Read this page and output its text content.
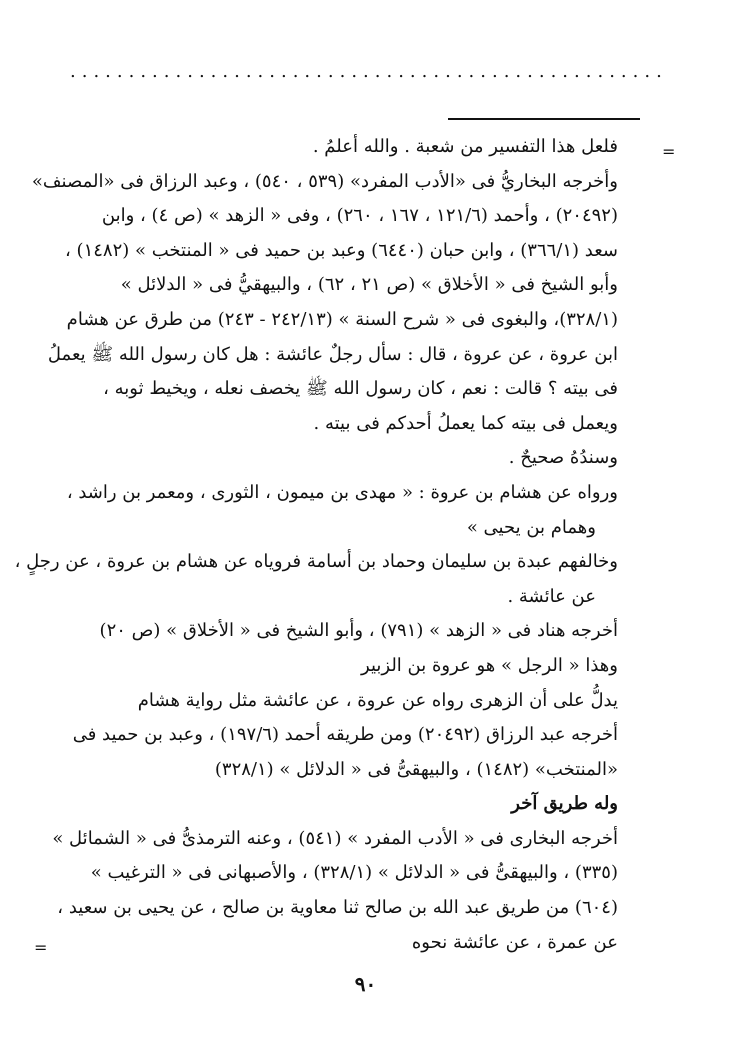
...................................................
=
=
فلعل هذا التفسير من شعبة . والله أعلمُ .
وأخرجه البخاريُّ فى «الأدب المفرد» (٥٣٩ ، ٥٤٠) ، وعبد الرزاق فى «المصنف»
(٢٠٤٩٢) ، وأحمد (١٢١/٦ ، ١٦٧ ، ٢٦٠) ، وفى « الزهد » (ص ٤) ، وابن
سعد (٣٦٦/١) ، وابن حبان (٦٤٤٠) وعبد بن حميد فى « المنتخب » (١٤٨٢) ،
وأبو الشيخ فى « الأخلاق » (ص ٢١ ، ٦٢) ، والبيهقيُّ فى « الدلائل »
(٣٢٨/١)، والبغوى فى « شرح السنة » (٢٤٢/١٣ - ٢٤٣) من طرق عن هشام
ابن عروة ، عن عروة ، قال : سأل رجلٌ عائشة : هل كان رسول الله ﷺ يعملُ
فى بيته ؟ قالت : نعم ، كان رسول الله ﷺ يخصف نعله ، ويخيط ثوبه ،
ويعمل فى بيته كما يعملُ أحدكم فى بيته .
وسندُهُ صحيحٌ .
ورواه عن هشام بن عروة : « مهدى بن ميمون ، الثورى ، ومعمر بن راشد ،
وهمام بن يحيى »
وخالفهم عبدة بن سليمان وحماد بن أسامة فروياه عن هشام بن عروة ، عن رجلٍ ،
عن عائشة .
أخرجه هناد فى « الزهد » (٧٩١) ، وأبو الشيخ فى « الأخلاق » (ص ٢٠)
وهذا « الرجل » هو عروة بن الزبير
يدلُّ على أن الزهرى رواه عن عروة ، عن عائشة مثل رواية هشام
أخرجه عبد الرزاق (٢٠٤٩٢) ومن طريقه أحمد (١٩٧/٦) ، وعبد بن حميد فى
«المنتخب» (١٤٨٢) ، والبيهقىُّ فى « الدلائل » (٣٢٨/١)
وله طريق آخر
أخرجه البخارى فى « الأدب المفرد » (٥٤١) ، وعنه الترمذىُّ فى « الشمائل »
(٣٣٥) ، والبيهقىُّ فى « الدلائل » (٣٢٨/١) ، والأصبهانى فى « الترغيب »
(٦٠٤) من طريق عبد الله بن صالح ثنا معاوية بن صالح ، عن يحيى بن سعيد ،
عن عمرة ، عن عائشة نحوه
٩٠
